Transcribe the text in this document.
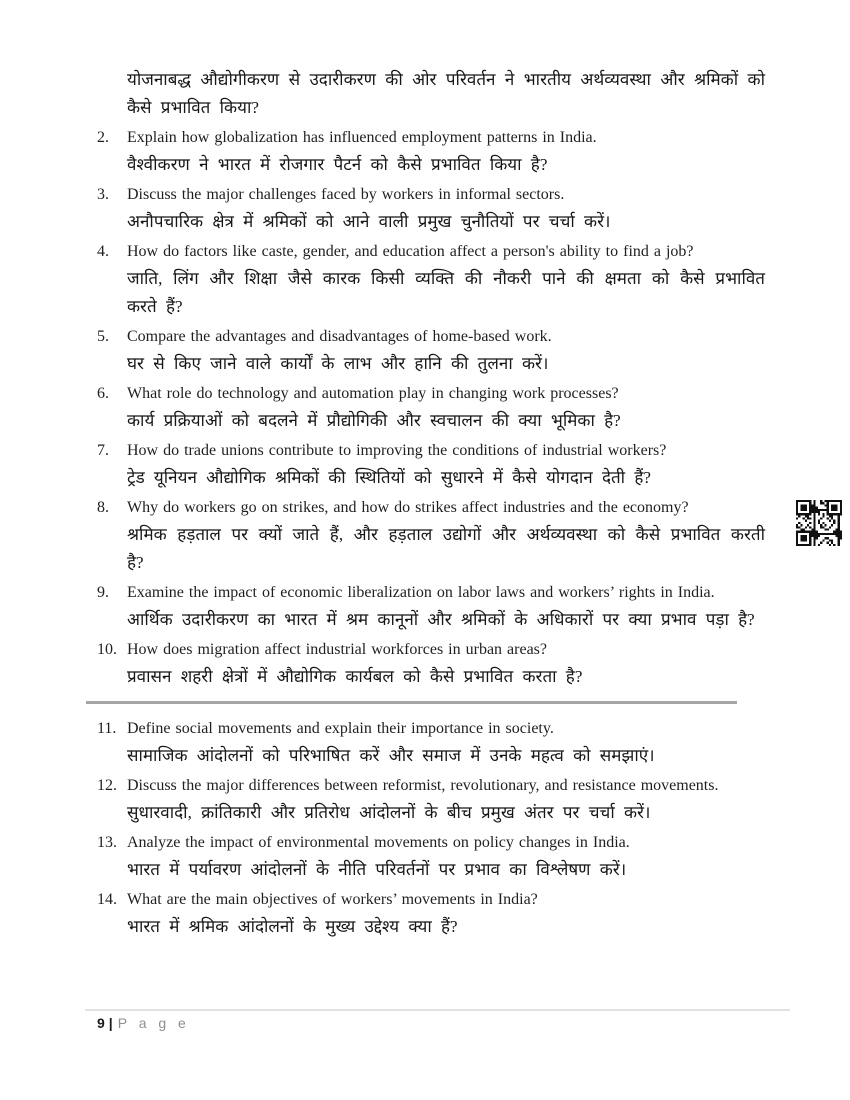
योजनाबद्ध औद्योगीकरण से उदारीकरण की ओर परिवर्तन ने भारतीय अर्थव्यवस्था और श्रमिकों को कैसे प्रभावित किया?

2.	Explain how globalization has influenced employment patterns in India.

वैश्वीकरण ने भारत में रोजगार पैटर्न को कैसे प्रभावित किया है?

3.	Discuss the major challenges faced by workers in informal sectors.

अनौपचारिक क्षेत्र में श्रमिकों को आने वाली प्रमुख चुनौतियों पर चर्चा करें।

4.	How do factors like caste, gender, and education affect a person's ability to find a job?

जाति, लिंग और शिक्षा जैसे कारक किसी व्यक्ति की नौकरी पाने की क्षमता को कैसे प्रभावित करते हैं?

5.	Compare the advantages and disadvantages of home-based work.

घर से किए जाने वाले कार्यों के लाभ और हानि की तुलना करें।

6.	What role do technology and automation play in changing work processes?

कार्य प्रक्रियाओं को बदलने में प्रौद्योगिकी और स्वचालन की क्या भूमिका है?

7.	How do trade unions contribute to improving the conditions of industrial workers?

ट्रेड यूनियन औद्योगिक श्रमिकों की स्थितियों को सुधारने में कैसे योगदान देती हैं?

8.	Why do workers go on strikes, and how do strikes affect industries and the economy?

श्रमिक हड़ताल पर क्यों जाते हैं, और हड़ताल उद्योगों और अर्थव्यवस्था को कैसे प्रभावित करती है?

9.	Examine the impact of economic liberalization on labor laws and workers’ rights in India.

आर्थिक उदारीकरण का भारत में श्रम कानूनों और श्रमिकों के अधिकारों पर क्या प्रभाव पड़ा है?

10. How does migration affect industrial workforces in urban areas?

प्रवासन शहरी क्षेत्रों में औद्योगिक कार्यबल को कैसे प्रभावित करता है?

11. Define social movements and explain their importance in society.

सामाजिक आंदोलनों को परिभाषित करें और समाज में उनके महत्व को समझाएं।

12. Discuss the major differences between reformist, revolutionary, and resistance movements.

सुधारवादी, क्रांतिकारी और प्रतिरोध आंदोलनों के बीच प्रमुख अंतर पर चर्चा करें।

13. Analyze the impact of environmental movements on policy changes in India.

भारत में पर्यावरण आंदोलनों के नीति परिवर्तनों पर प्रभाव का विश्लेषण करें।

14. What are the main objectives of workers’ movements in India?

भारत में श्रमिक आंदोलनों के मुख्य उद्देश्य क्या हैं?

9 | P a g e
